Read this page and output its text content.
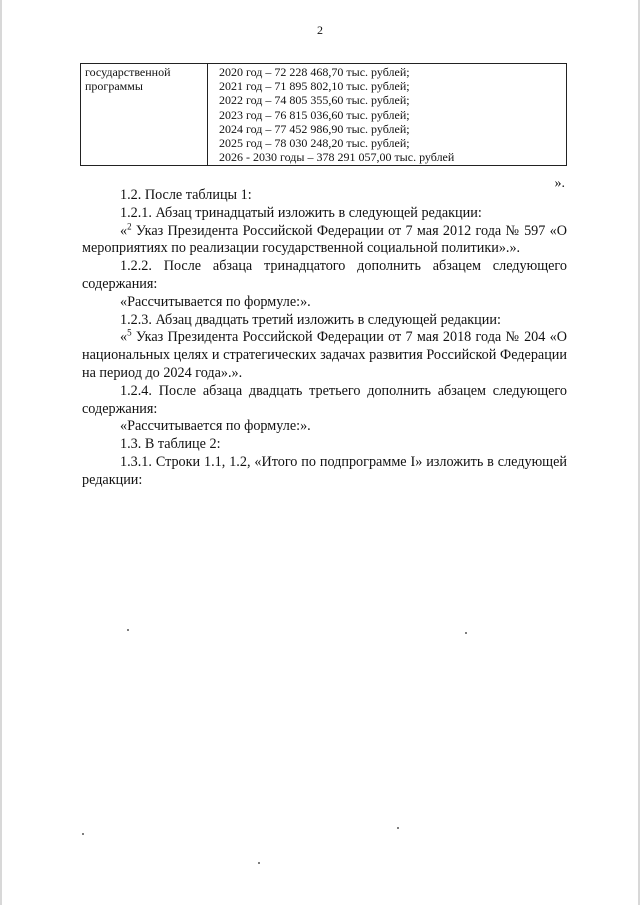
2
государственной программы	
2020 год – 72 228 468,70 тыс. рублей;
2021 год – 71 895 802,10 тыс. рублей;
2022 год – 74 805 355,60 тыс. рублей;
2023 год – 76 815 036,60 тыс. рублей;
2024 год – 77 452 986,90 тыс. рублей;
2025 год – 78 030 248,20 тыс. рублей;
2026 - 2030 годы – 378 291 057,00 тыс. рублей
».

1.2. После таблицы 1:

1.2.1. Абзац тринадцатый изложить в следующей редакции:

«$^2$ Указ Президента Российской Федерации от 7 мая 2012 года № 597 «О мероприятиях по реализации государственной социальной политики».».

1.2.2. После абзаца тринадцатого дополнить абзацем следующего содержания:

«Рассчитывается по формуле:».

1.2.3. Абзац двадцать третий изложить в следующей редакции:

«$^5$ Указ Президента Российской Федерации от 7 мая 2018 года № 204 «О национальных целях и стратегических задачах развития Российской Федерации на период до 2024 года».».

1.2.4. После абзаца двадцать третьего дополнить абзацем следующего содержания:

«Рассчитывается по формуле:».

1.3. В таблице 2:

1.3.1. Строки 1.1, 1.2, «Итого по подпрограмме I» изложить в следующей редакции:
